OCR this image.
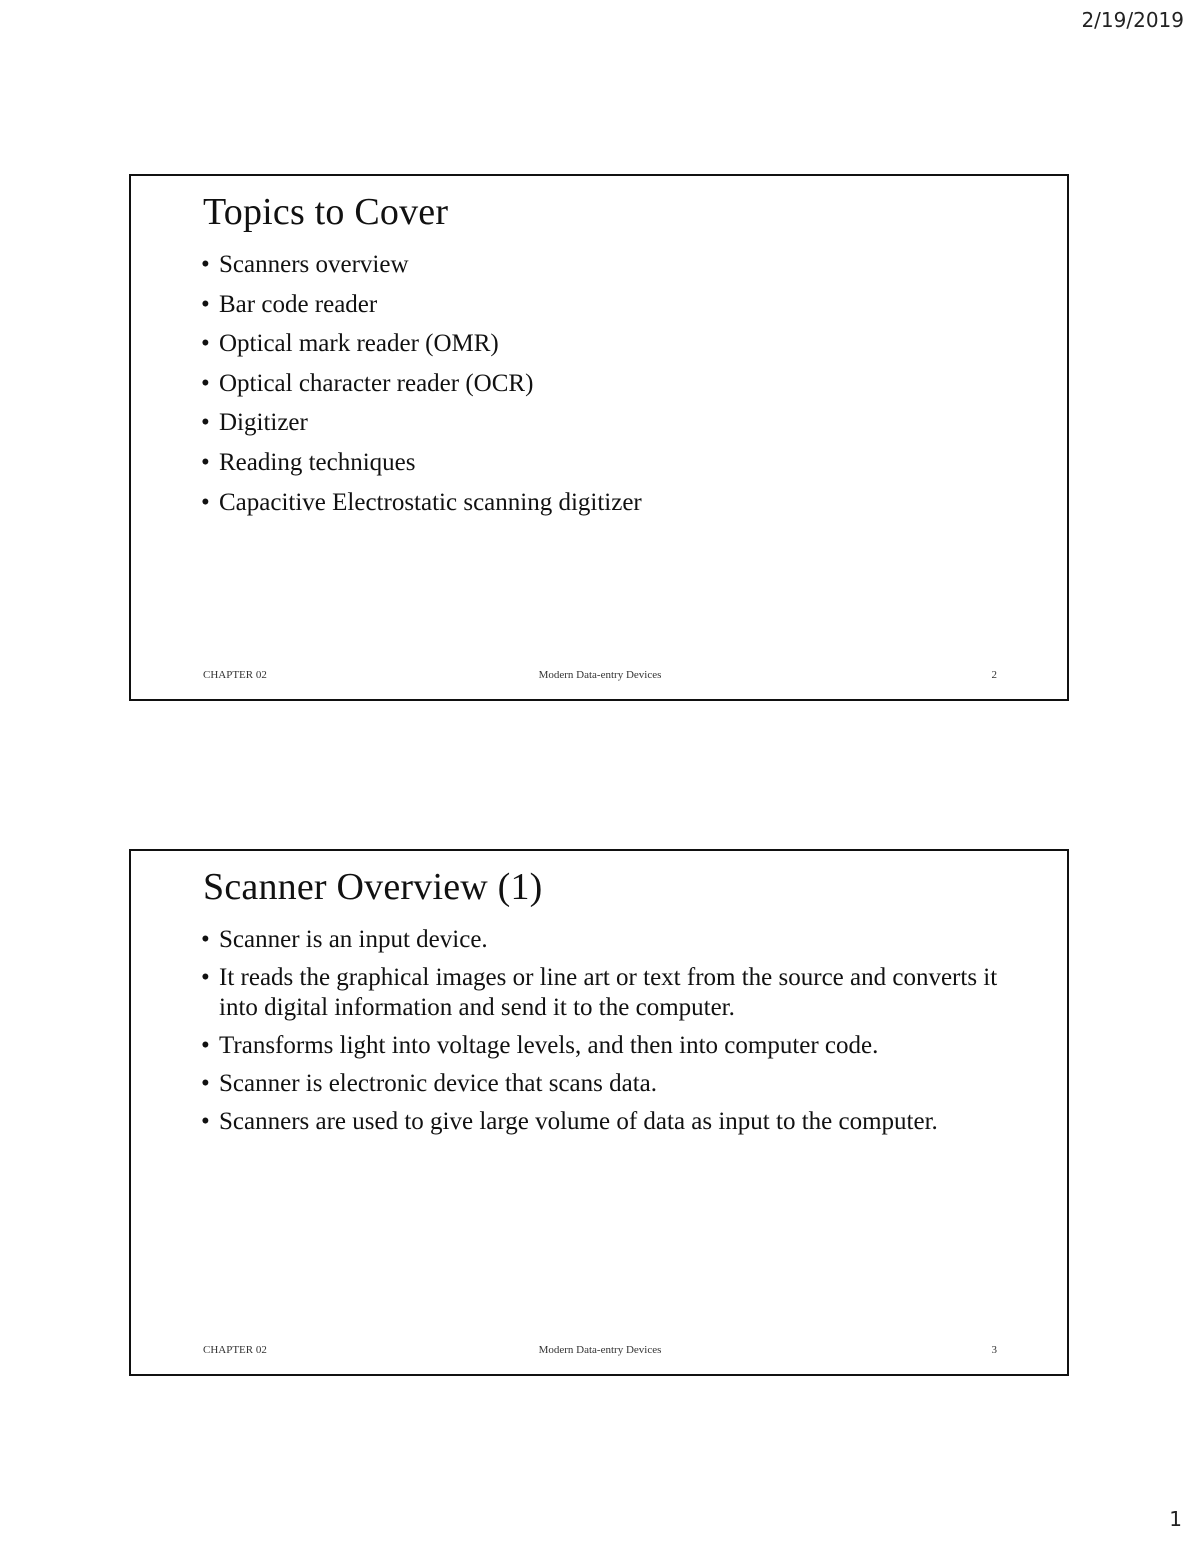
2/19/2019
Topics to Cover
• Scanners overview
• Bar code reader
• Optical mark reader (OMR)
• Optical character reader (OCR)
• Digitizer
• Reading techniques
• Capacitive Electrostatic scanning digitizer
CHAPTER 02	Modern Data-entry Devices	2
Scanner Overview (1)
• Scanner is an input device.
• It reads the graphical images or line art or text from the source and converts it into digital information and send it to the computer.
• Transforms light into voltage levels, and then into computer code.
• Scanner is electronic device that scans data.
• Scanners are used to give large volume of data as input to the computer.
CHAPTER 02	Modern Data-entry Devices	3
1
